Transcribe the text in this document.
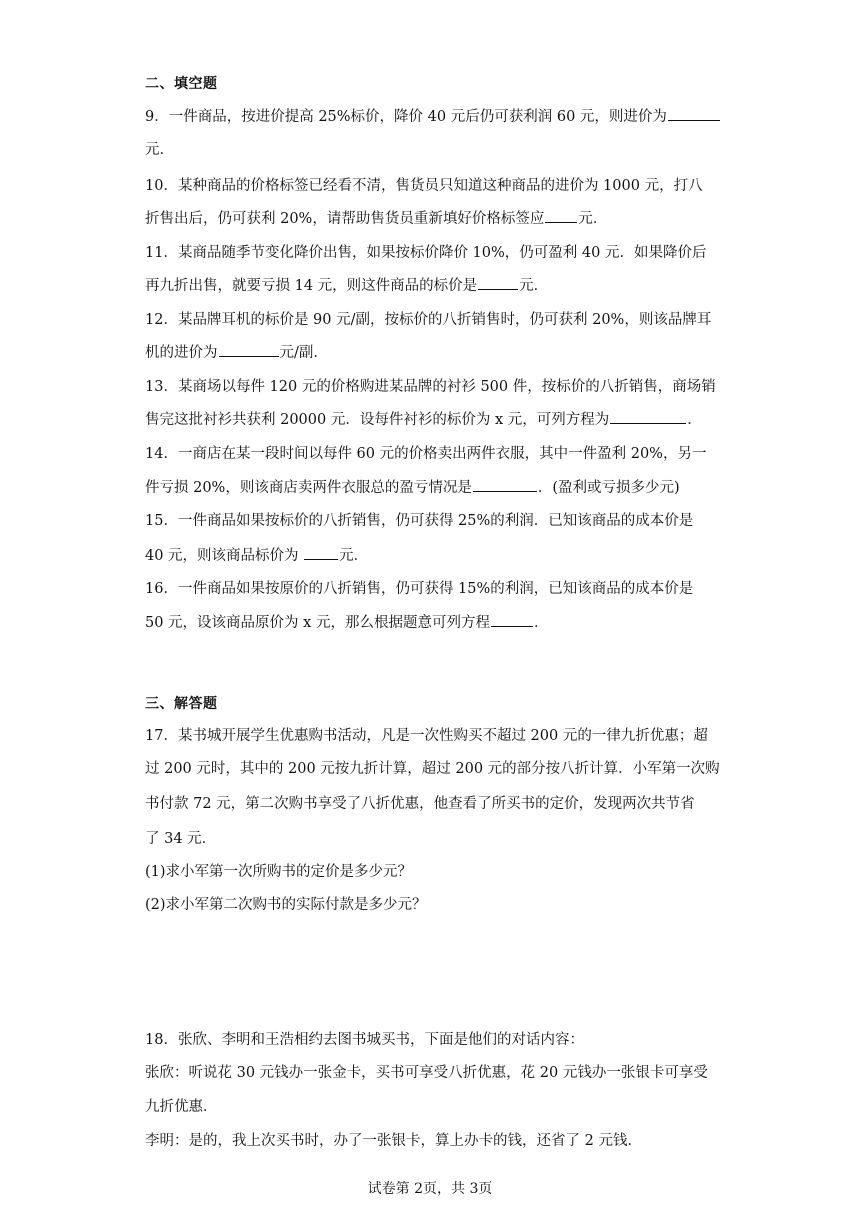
二、填空题
9．一件商品，按进价提高 25%标价，降价 40 元后仍可获利润 60 元，则进价为
元．
10．某种商品的价格标签已经看不清，售货员只知道这种商品的进价为 1000 元，打八
折售出后，仍可获利 20%，请帮助售货员重新填好价格标签应 元．
11．某商品随季节变化降价出售，如果按标价降价 10%，仍可盈利 40 元．如果降价后
再九折出售，就要亏损 14 元，则这件商品的标价是	元．
12．某品牌耳机的标价是 90 元/副，按标价的八折销售时，仍可获利 20%，则该品牌耳
机的进价为	元/副．
13．某商场以每件 120 元的价格购进某品牌的衬衫 500 件，按标价的八折销售，商场销
售完这批衬衫共获利 20000 元．设每件衬衫的标价为 x 元，可列方程为	．
14．一商店在某一段时间以每件 60 元的价格卖出两件衣服，其中一件盈利 20%，另一
件亏损 20%，则该商店卖两件衣服总的盈亏情况是	．(盈利或亏损多少元)
15．一件商品如果按标价的八折销售，仍可获得 25%的利润．已知该商品的成本价是
40 元，则该商品标价为 元．
16．一件商品如果按原价的八折销售，仍可获得 15%的利润，已知该商品的成本价是
50 元，设该商品原价为 x 元，那么根据题意可列方程	．
三、解答题
17．某书城开展学生优惠购书活动，凡是一次性购买不超过 200 元的一律九折优惠；超
过 200 元时，其中的 200 元按九折计算，超过 200 元的部分按八折计算．小军第一次购
书付款 72 元，第二次购书享受了八折优惠，他查看了所买书的定价，发现两次共节省
了 34 元．
(1)求小军第一次所购书的定价是多少元？
(2)求小军第二次购书的实际付款是多少元？
18．张欣、李明和王浩相约去图书城买书，下面是他们的对话内容：
张欣：听说花 30 元钱办一张金卡，买书可享受八折优惠，花 20 元钱办一张银卡可享受
九折优惠．
李明：是的，我上次买书时，办了一张银卡，算上办卡的钱，还省了 2 元钱．
试卷第 2页，共 3页
